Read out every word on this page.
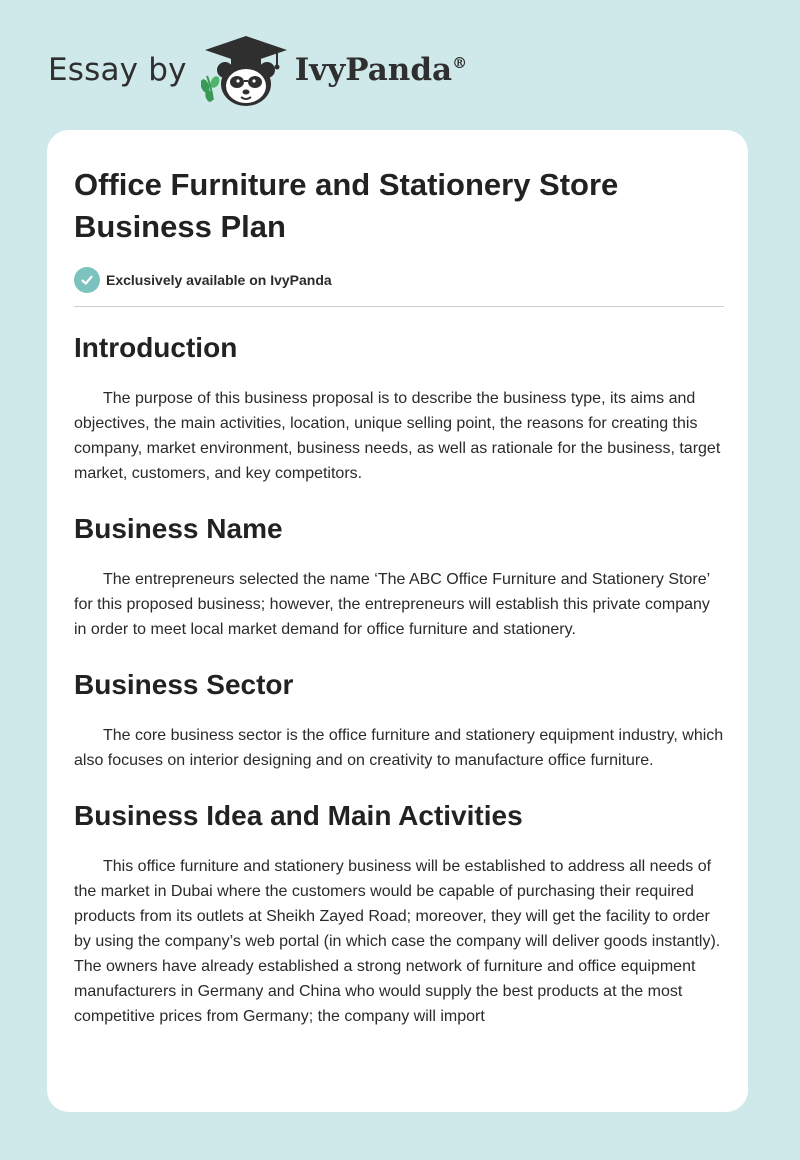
Essay by	IvyPanda®
Office Furniture and Stationery Store
Business Plan
Exclusively available on IvyPanda
Introduction

The purpose of this business proposal is to describe the business type, its aims and objectives, the main activities, location, unique selling point, the reasons for creating this company, market environment, business needs, as well as rationale for the business, target market, customers, and key competitors.

Business Name

The entrepreneurs selected the name ‘The ABC Office Furniture and Stationery Store’ for this proposed business; however, the entrepreneurs will establish this private company in order to meet local market demand for office furniture and stationery.

Business Sector

The core business sector is the office furniture and stationery equipment industry, which also focuses on interior designing and on creativity to manufacture office furniture.

Business Idea and Main Activities

This office furniture and stationery business will be established to address all needs of the market in Dubai where the customers would be capable of purchasing their required products from its outlets at Sheikh Zayed Road; moreover, they will get the facility to order by using the company’s web portal (in which case the company will deliver goods instantly). The owners have already established a strong network of furniture and office equipment manufacturers in Germany and China who would supply the best products at the most competitive prices from Germany; the company will import
